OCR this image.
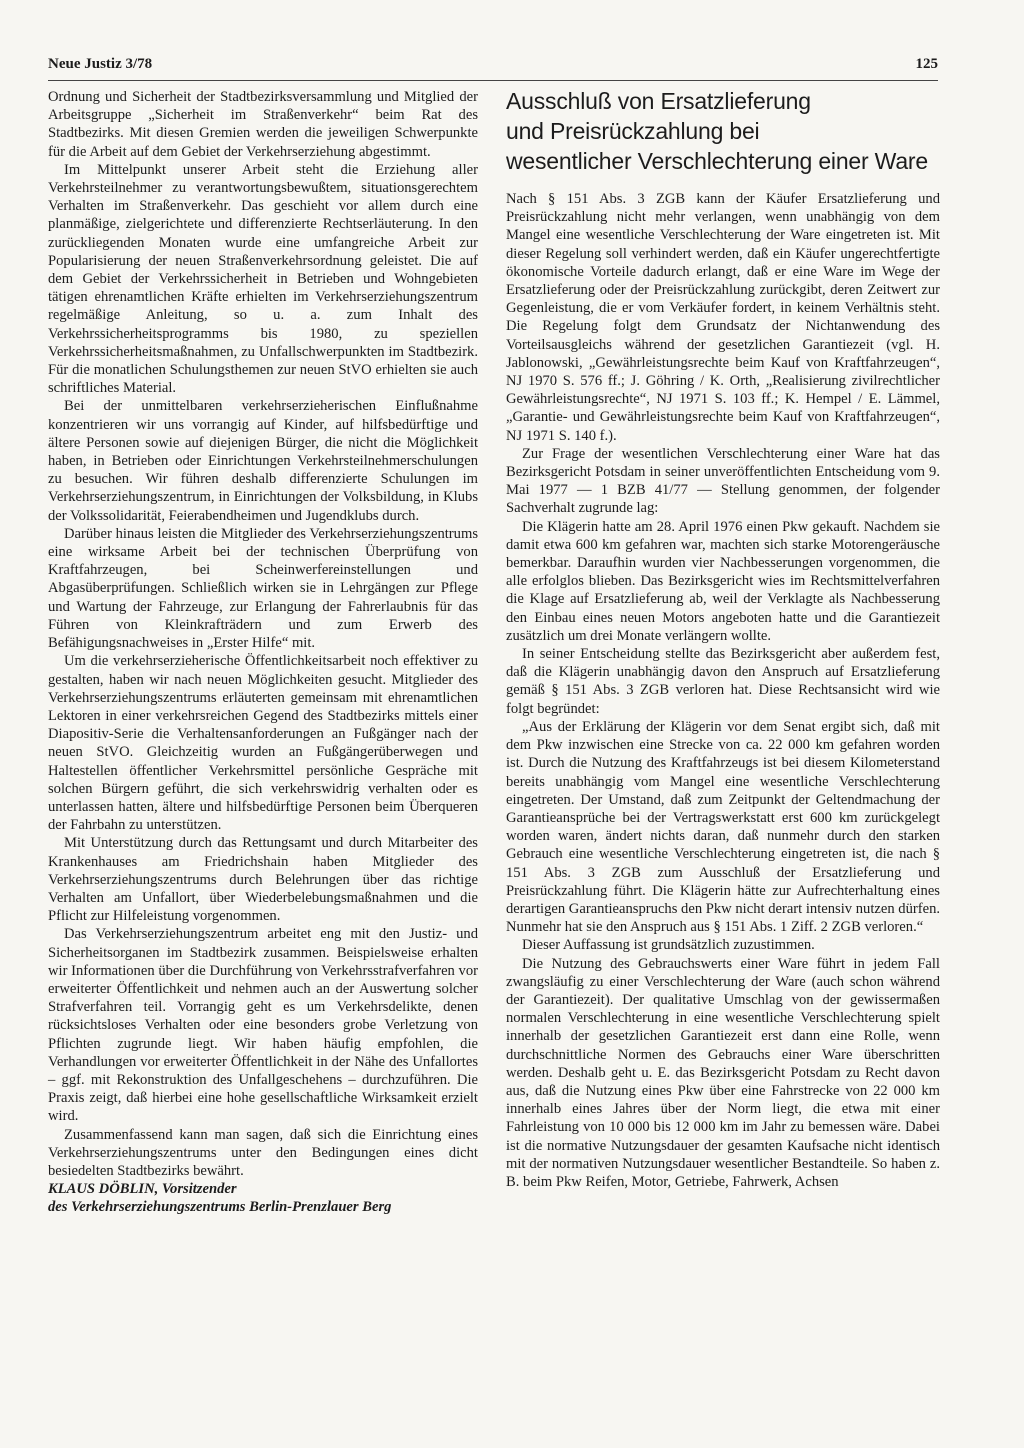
Neue Justiz 3/78	125

Ordnung und Sicherheit der Stadtbezirksversammlung und Mitglied der Arbeitsgruppe „Sicherheit im Straßenverkehr“ beim Rat des Stadtbezirks. Mit diesen Gremien werden die jeweiligen Schwerpunkte für die Arbeit auf dem Gebiet der Verkehrserziehung abgestimmt.

Im Mittelpunkt unserer Arbeit steht die Erziehung aller Verkehrsteilnehmer zu verantwortungsbewußtem, situationsgerechtem Verhalten im Straßenverkehr. Das geschieht vor allem durch eine planmäßige, zielgerichtete und differenzierte Rechtserläuterung. In den zurückliegenden Monaten wurde eine umfangreiche Arbeit zur Popularisierung der neuen Straßenverkehrsordnung geleistet. Die auf dem Gebiet der Verkehrssicherheit in Betrieben und Wohngebieten tätigen ehrenamtlichen Kräfte erhielten im Verkehrserziehungszentrum regelmäßige Anleitung, so u. a. zum Inhalt des Verkehrssicherheitsprogramms bis 1980, zu speziellen Verkehrssicherheitsmaßnahmen, zu Unfallschwerpunkten im Stadtbezirk. Für die monatlichen Schulungsthemen zur neuen StVO erhielten sie auch schriftliches Material.

Bei der unmittelbaren verkehrserzieherischen Einflußnahme konzentrieren wir uns vorrangig auf Kinder, auf hilfsbedürftige und ältere Personen sowie auf diejenigen Bürger, die nicht die Möglichkeit haben, in Betrieben oder Einrichtungen Verkehrsteilnehmerschulungen zu besuchen. Wir führen deshalb differenzierte Schulungen im Verkehrserziehungszentrum, in Einrichtungen der Volksbildung, in Klubs der Volkssolidarität, Feierabendheimen und Jugendklubs durch.

Darüber hinaus leisten die Mitglieder des Verkehrserziehungszentrums eine wirksame Arbeit bei der technischen Überprüfung von Kraftfahrzeugen, bei Scheinwerfereinstellungen und Abgasüberprüfungen. Schließlich wirken sie in Lehrgängen zur Pflege und Wartung der Fahrzeuge, zur Erlangung der Fahrerlaubnis für das Führen von Kleinkrafträdern und zum Erwerb des Befähigungsnachweises in „Erster Hilfe“ mit.

Um die verkehrserzieherische Öffentlichkeitsarbeit noch effektiver zu gestalten, haben wir nach neuen Möglichkeiten gesucht. Mitglieder des Verkehrserziehungszentrums erläuterten gemeinsam mit ehrenamtlichen Lektoren in einer verkehrsreichen Gegend des Stadtbezirks mittels einer Diapositiv-Serie die Verhaltensanforderungen an Fußgänger nach der neuen StVO. Gleichzeitig wurden an Fußgängerüberwegen und Haltestellen öffentlicher Verkehrsmittel persönliche Gespräche mit solchen Bürgern geführt, die sich verkehrswidrig verhalten oder es unterlassen hatten, ältere und hilfsbedürftige Personen beim Überqueren der Fahrbahn zu unterstützen.

Mit Unterstützung durch das Rettungsamt und durch Mitarbeiter des Krankenhauses am Friedrichshain haben Mitglieder des Verkehrserziehungszentrums durch Belehrungen über das richtige Verhalten am Unfallort, über Wiederbelebungsmaßnahmen und die Pflicht zur Hilfeleistung vorgenommen.

Das Verkehrserziehungszentrum arbeitet eng mit den Justiz- und Sicherheitsorganen im Stadtbezirk zusammen. Beispielsweise erhalten wir Informationen über die Durchführung von Verkehrsstrafverfahren vor erweiterter Öffentlichkeit und nehmen auch an der Auswertung solcher Strafverfahren teil. Vorrangig geht es um Verkehrsdelikte, denen rücksichtsloses Verhalten oder eine besonders grobe Verletzung von Pflichten zugrunde liegt. Wir haben häufig empfohlen, die Verhandlungen vor erweiterter Öffentlichkeit in der Nähe des Unfallortes – ggf. mit Rekonstruktion des Unfallgeschehens – durchzuführen. Die Praxis zeigt, daß hierbei eine hohe gesellschaftliche Wirksamkeit erzielt wird.

Zusammenfassend kann man sagen, daß sich die Einrichtung eines Verkehrserziehungszentrums unter den Bedingungen eines dicht besiedelten Stadtbezirks bewährt.

KLAUS DÖBLIN, Vorsitzender

des Verkehrserziehungszentrums Berlin-Prenzlauer Berg

Ausschluß von Ersatzlieferung
und Preisrückzahlung bei
wesentlicher Verschlechterung einer Ware

Nach § 151 Abs. 3 ZGB kann der Käufer Ersatzlieferung und Preisrückzahlung nicht mehr verlangen, wenn unabhängig von dem Mangel eine wesentliche Verschlechterung der Ware eingetreten ist. Mit dieser Regelung soll verhindert werden, daß ein Käufer ungerechtfertigte ökonomische Vorteile dadurch erlangt, daß er eine Ware im Wege der Ersatzlieferung oder der Preisrückzahlung zurückgibt, deren Zeitwert zur Gegenleistung, die er vom Verkäufer fordert, in keinem Verhältnis steht. Die Regelung folgt dem Grundsatz der Nichtanwendung des Vorteilsausgleichs während der gesetzlichen Garantiezeit (vgl. H. Jablonowski, „Gewährleistungsrechte beim Kauf von Kraftfahrzeugen“, NJ 1970 S. 576 ff.; J. Göhring / K. Orth, „Realisierung zivilrechtlicher Gewährleistungsrechte“, NJ 1971 S. 103 ff.; K. Hempel / E. Lämmel, „Garantie- und Gewährleistungsrechte beim Kauf von Kraftfahrzeugen“, NJ 1971 S. 140 f.).

Zur Frage der wesentlichen Verschlechterung einer Ware hat das Bezirksgericht Potsdam in seiner unveröffentlichten Entscheidung vom 9. Mai 1977 — 1 BZB 41/77 — Stellung genommen, der folgender Sachverhalt zugrunde lag:

Die Klägerin hatte am 28. April 1976 einen Pkw gekauft. Nachdem sie damit etwa 600 km gefahren war, machten sich starke Motorengeräusche bemerkbar. Daraufhin wurden vier Nachbesserungen vorgenommen, die alle erfolglos blieben. Das Bezirksgericht wies im Rechtsmittelverfahren die Klage auf Ersatzlieferung ab, weil der Verklagte als Nachbesserung den Einbau eines neuen Motors angeboten hatte und die Garantiezeit zusätzlich um drei Monate verlängern wollte.

In seiner Entscheidung stellte das Bezirksgericht aber außerdem fest, daß die Klägerin unabhängig davon den Anspruch auf Ersatzlieferung gemäß § 151 Abs. 3 ZGB verloren hat. Diese Rechtsansicht wird wie folgt begründet:

„Aus der Erklärung der Klägerin vor dem Senat ergibt sich, daß mit dem Pkw inzwischen eine Strecke von ca. 22 000 km gefahren worden ist. Durch die Nutzung des Kraftfahrzeugs ist bei diesem Kilometerstand bereits unabhängig vom Mangel eine wesentliche Verschlechterung eingetreten. Der Umstand, daß zum Zeitpunkt der Geltendmachung der Garantieansprüche bei der Vertragswerkstatt erst 600 km zurückgelegt worden waren, ändert nichts daran, daß nunmehr durch den starken Gebrauch eine wesentliche Verschlechterung eingetreten ist, die nach § 151 Abs. 3 ZGB zum Ausschluß der Ersatzlieferung und Preisrückzahlung führt. Die Klägerin hätte zur Aufrechterhaltung eines derartigen Garantieanspruchs den Pkw nicht derart intensiv nutzen dürfen. Nunmehr hat sie den Anspruch aus § 151 Abs. 1 Ziff. 2 ZGB verloren.“

Dieser Auffassung ist grundsätzlich zuzustimmen.

Die Nutzung des Gebrauchswerts einer Ware führt in jedem Fall zwangsläufig zu einer Verschlechterung der Ware (auch schon während der Garantiezeit). Der qualitative Umschlag von der gewissermaßen normalen Verschlechterung in eine wesentliche Verschlechterung spielt innerhalb der gesetzlichen Garantiezeit erst dann eine Rolle, wenn durchschnittliche Normen des Gebrauchs einer Ware überschritten werden. Deshalb geht u. E. das Bezirksgericht Potsdam zu Recht davon aus, daß die Nutzung eines Pkw über eine Fahrstrecke von 22 000 km innerhalb eines Jahres über der Norm liegt, die etwa mit einer Fahrleistung von 10 000 bis 12 000 km im Jahr zu bemessen wäre. Dabei ist die normative Nutzungsdauer der gesamten Kaufsache nicht identisch mit der normativen Nutzungsdauer wesentlicher Bestandteile. So haben z. B. beim Pkw Reifen, Motor, Getriebe, Fahrwerk, Achsen
